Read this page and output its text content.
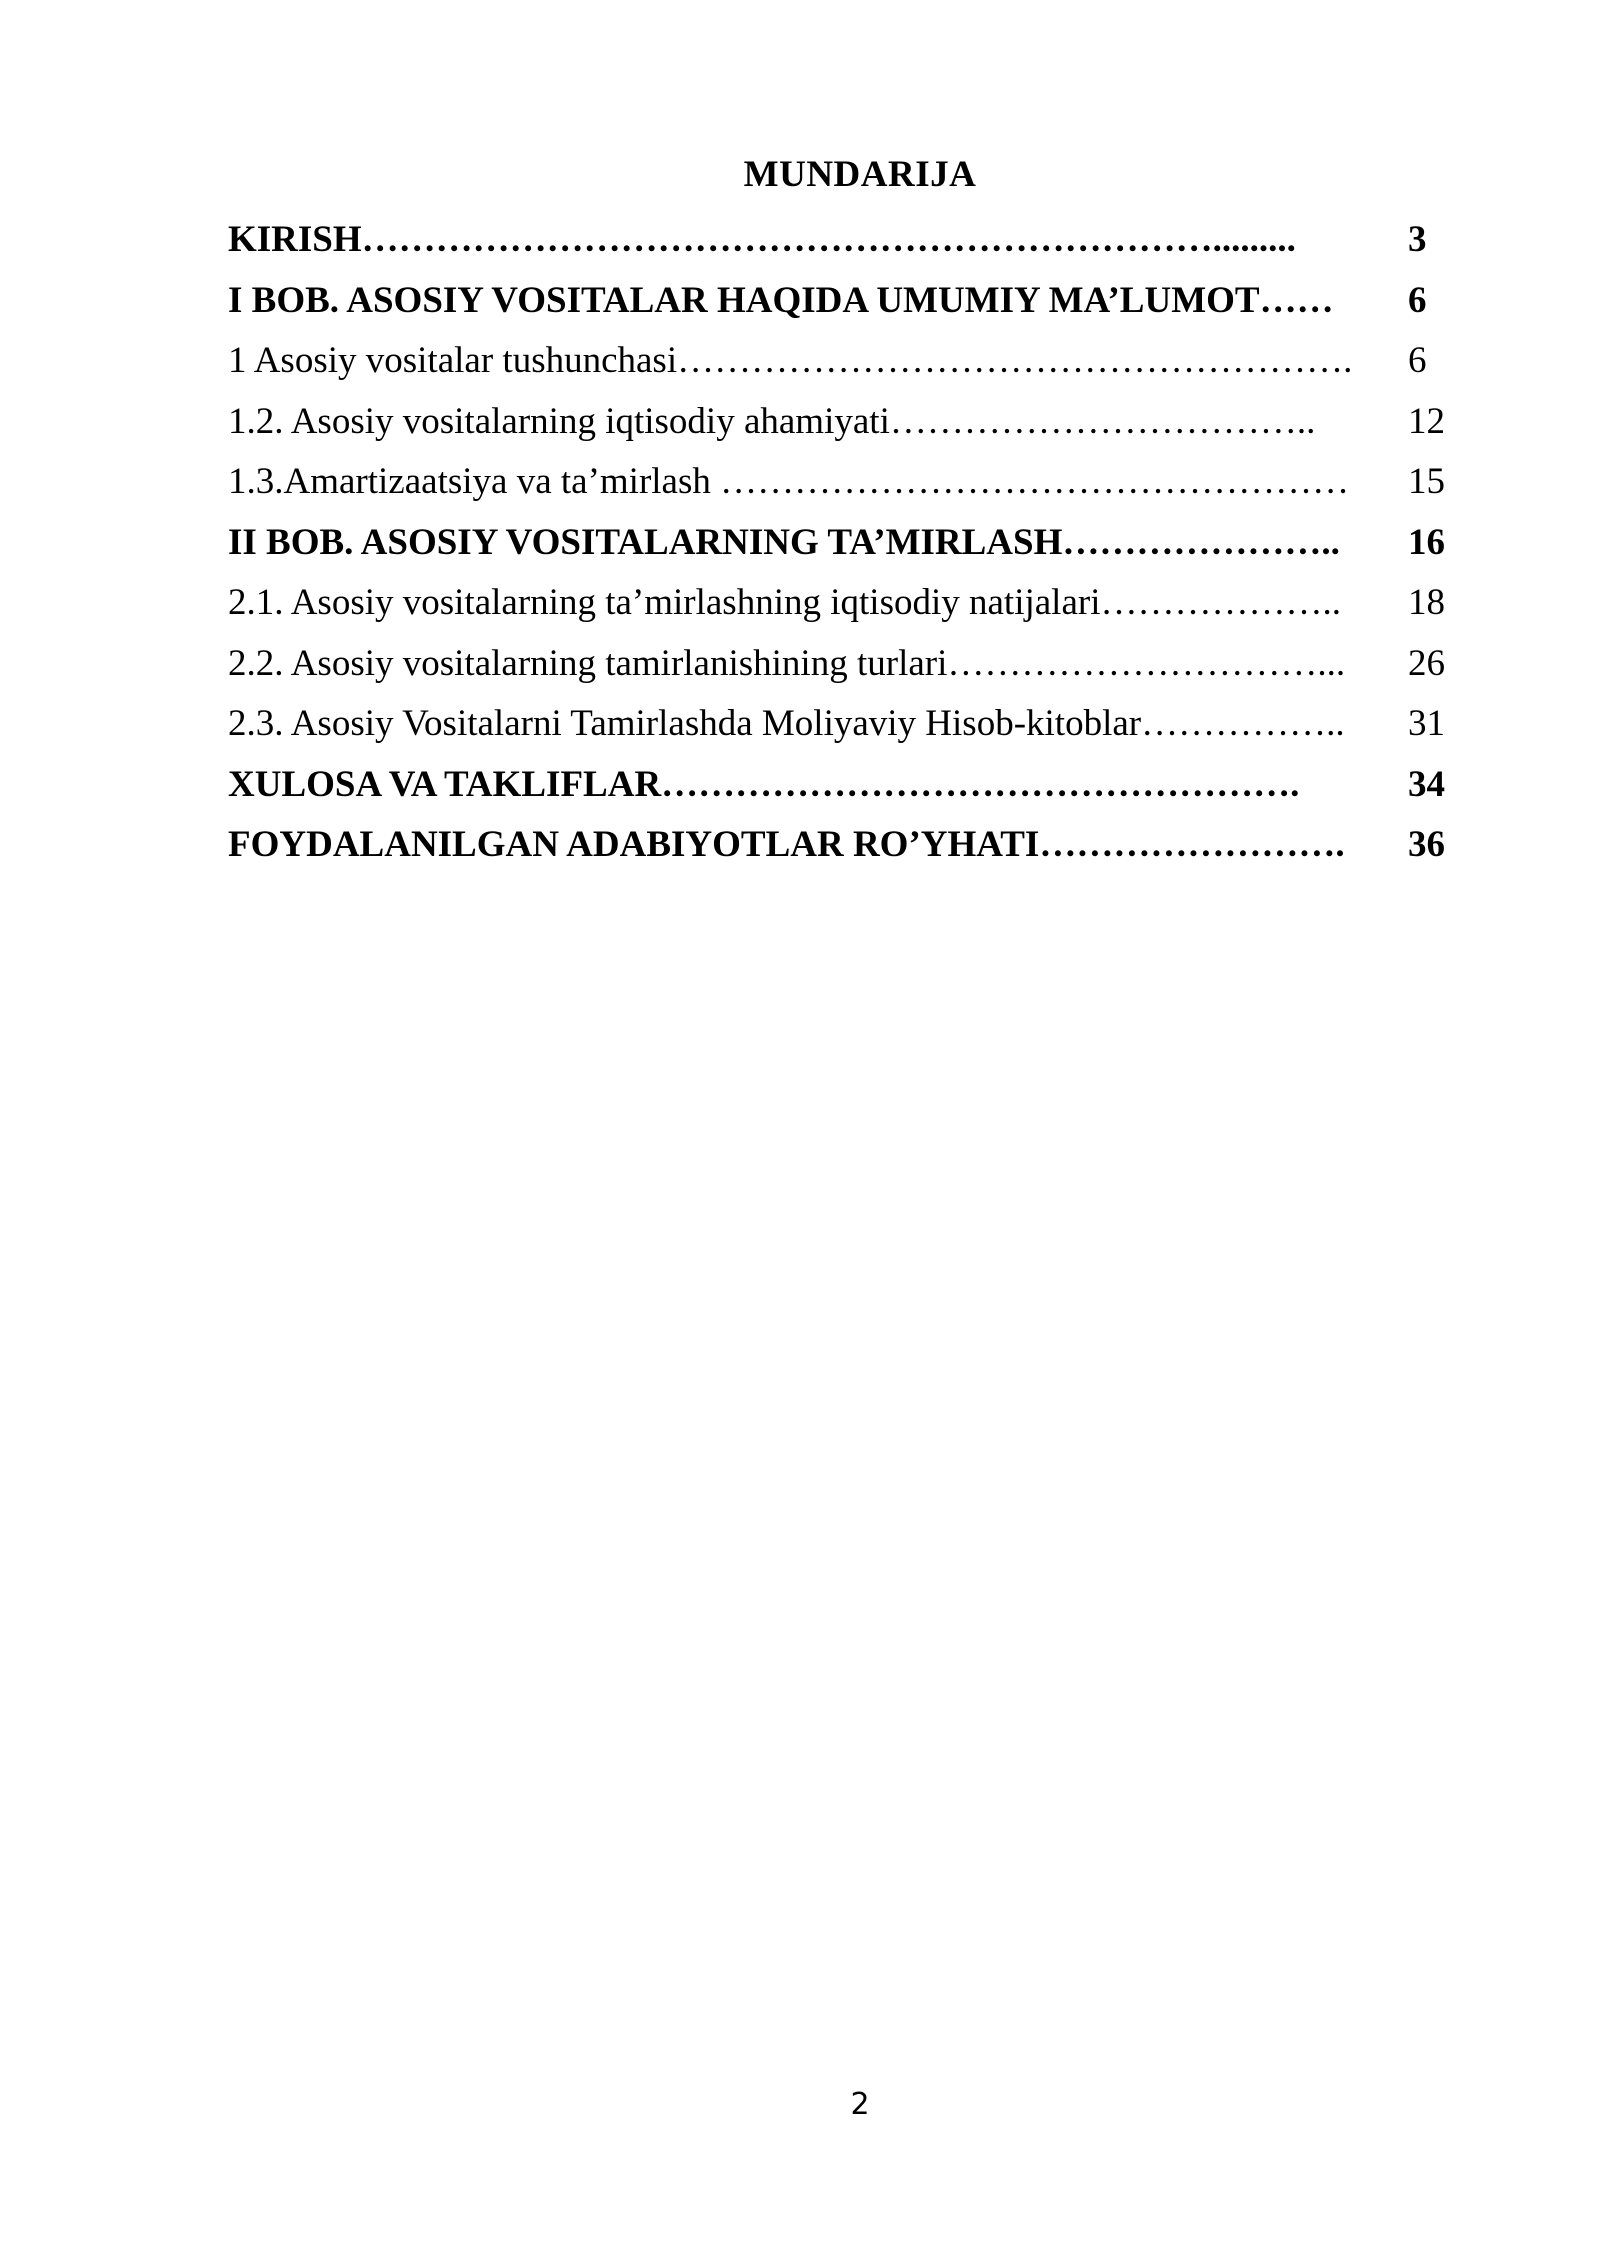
MUNDARIJA
KIRISH…………………………………………………………….........	3
I BOB. ASOSIY VOSITALAR HAQIDA UMUMIY MA’LUMOT……	6
1 Asosiy vositalar tushunchasi……………………………………………….	6
1.2. Asosiy vositalarning iqtisodiy ahamiyati……………………………..	12
1.3.Amartizaatsiya va ta’mirlash ……………………………………………	15
II BOB. ASOSIY VOSITALARNING TA’MIRLASH…………………..	16
2.1. Asosiy vositalarning ta’mirlashning iqtisodiy natijalari………………..	18
2.2. Asosiy vositalarning tamirlanishining turlari…………………………...	26
2.3. Asosiy Vositalarni Tamirlashda Moliyaviy Hisob-kitoblar……………..	31
XULOSA VA TAKLIFLAR…………………………………………….	34
FOYDALANILGAN ADABIYOTLAR RO’YHATI…………………….	36
2
